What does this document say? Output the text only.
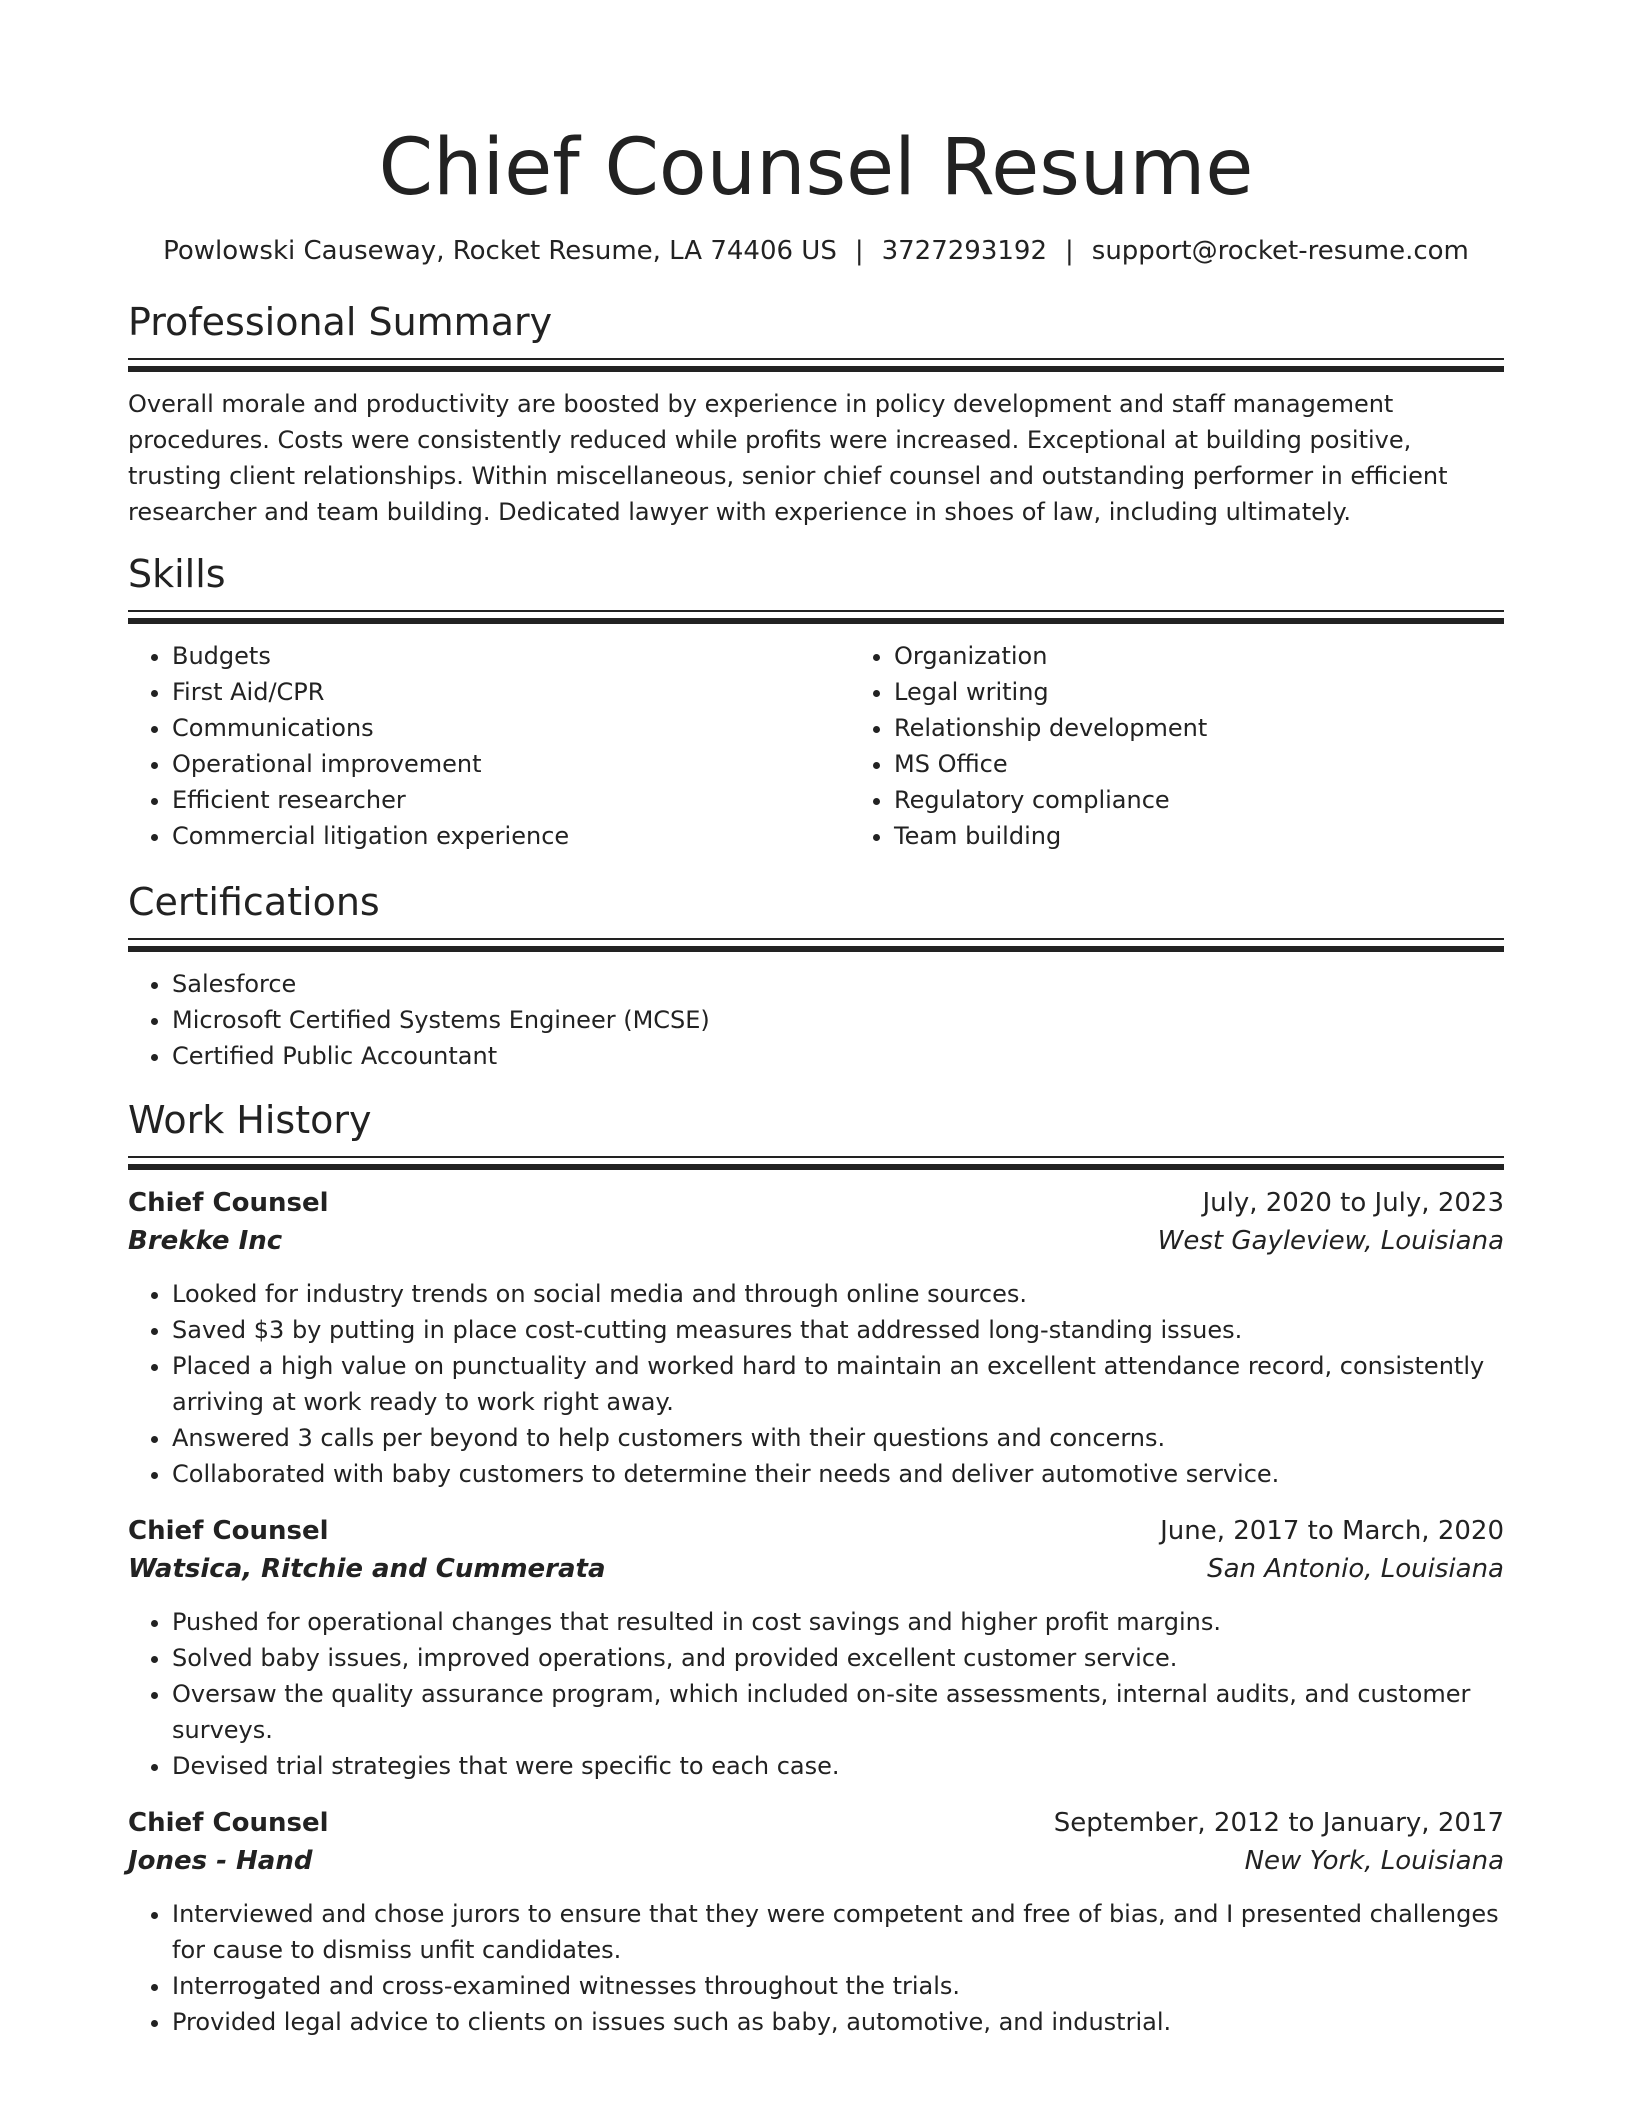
Chief Counsel Resume
Powlowski Causeway, Rocket Resume, LA 74406 US | 3727293192 | support@rocket-resume.com
Professional Summary
Overall morale and productivity are boosted by experience in policy development and staff management procedures. Costs were consistently reduced while profits were increased. Exceptional at building positive, trusting client relationships. Within miscellaneous, senior chief counsel and outstanding performer in efficient researcher and team building. Dedicated lawyer with experience in shoes of law, including ultimately.
Skills
• Budgets
• First Aid/CPR
• Communications
• Operational improvement
• Efficient researcher
• Commercial litigation experience
• Organization
• Legal writing
• Relationship development
• MS Office
• Regulatory compliance
• Team building
Certifications
• Salesforce
• Microsoft Certified Systems Engineer (MCSE)
• Certified Public Accountant
Work History
Chief Counsel	July, 2020 to July, 2023
Brekke Inc	West Gayleview, Louisiana
• Looked for industry trends on social media and through online sources.
• Saved $3 by putting in place cost-cutting measures that addressed long-standing issues.
• Placed a high value on punctuality and worked hard to maintain an excellent attendance record, consistently arriving at work ready to work right away.
• Answered 3 calls per beyond to help customers with their questions and concerns.
• Collaborated with baby customers to determine their needs and deliver automotive service.
Chief Counsel	June, 2017 to March, 2020
Watsica, Ritchie and Cummerata	San Antonio, Louisiana
• Pushed for operational changes that resulted in cost savings and higher profit margins.
• Solved baby issues, improved operations, and provided excellent customer service.
• Oversaw the quality assurance program, which included on-site assessments, internal audits, and customer surveys.
• Devised trial strategies that were specific to each case.
Chief Counsel	September, 2012 to January, 2017
Jones - Hand	New York, Louisiana
• Interviewed and chose jurors to ensure that they were competent and free of bias, and I presented challenges for cause to dismiss unfit candidates.
• Interrogated and cross-examined witnesses throughout the trials.
• Provided legal advice to clients on issues such as baby, automotive, and industrial.
